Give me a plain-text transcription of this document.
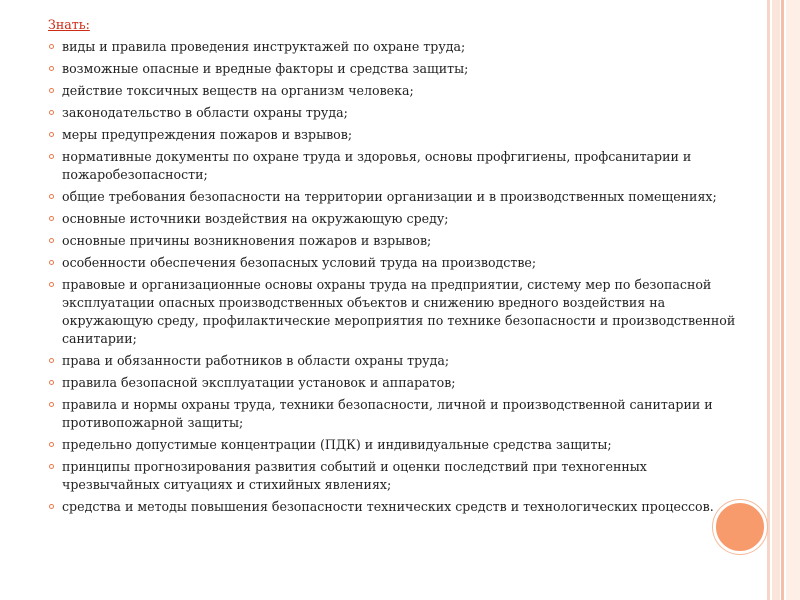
Знать:
виды и правила проведения инструктажей по охране труда;
возможные опасные и вредные факторы и средства защиты;
действие токсичных веществ на организм человека;
законодательство в области охраны труда;
меры предупреждения пожаров и взрывов;
нормативные документы по охране труда и здоровья, основы профгигиены, профсанитарии и пожаробезопасности;
общие требования безопасности на территории организации и в производственных помещениях;
основные источники воздействия на окружающую среду;
основные причины возникновения пожаров и взрывов;
особенности обеспечения безопасных условий труда на производстве;
правовые и организационные основы охраны труда на предприятии, систему мер по безопасной эксплуатации опасных производственных объектов и снижению вредного воздействия на окружающую среду, профилактические мероприятия по технике безопасности и производственной санитарии;
права и обязанности работников в области охраны труда;
правила безопасной эксплуатации установок и аппаратов;
правила и нормы охраны труда, техники безопасности, личной и производственной санитарии и противопожарной защиты;
предельно допустимые концентрации (ПДК) и индивидуальные средства защиты;
принципы прогнозирования развития событий и оценки последствий при техногенных чрезвычайных ситуациях и стихийных явлениях;
средства и методы повышения безопасности технических средств и технологических процессов.
